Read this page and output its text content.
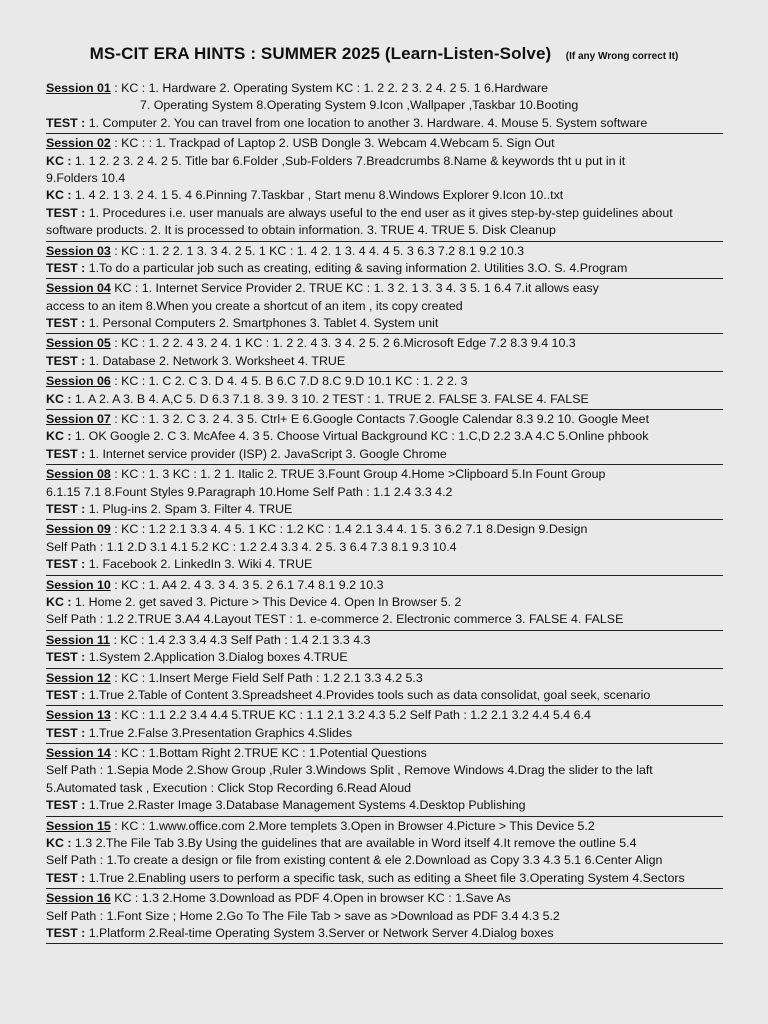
MS-CIT ERA HINTS : SUMMER 2025 (Learn-Listen-Solve) (If any Wrong correct It)
Session 01 : KC : 1. Hardware 2. Operating System KC : 1. 2 2. 2 3. 2 4. 2 5. 1 6.Hardware
7. Operating System 8.Operating System 9.Icon ,Wallpaper ,Taskbar 10.Booting
TEST : 1. Computer 2. You can travel from one location to another 3. Hardware. 4. Mouse 5. System software
Session 02 : KC : : 1. Trackpad of Laptop 2. USB Dongle 3. Webcam 4.Webcam 5. Sign Out
KC : 1. 1 2. 2 3. 2 4. 2 5. Title bar 6.Folder ,Sub-Folders 7.Breadcrumbs 8.Name & keywords tht u put in it
9.Folders 10.4
KC : 1. 4 2. 1 3. 2 4. 1 5. 4 6.Pinning 7.Taskbar , Start menu 8.Windows Explorer 9.Icon 10..txt
TEST : 1. Procedures i.e. user manuals are always useful to the end user as it gives step-by-step guidelines about
software products. 2. It is processed to obtain information. 3. TRUE 4. TRUE 5. Disk Cleanup
Session 03 : KC : 1. 2 2. 1 3. 3 4. 2 5. 1 KC : 1. 4 2. 1 3. 4 4. 4 5. 3 6.3 7.2 8.1 9.2 10.3
TEST : 1.To do a particular job such as creating, editing & saving information 2. Utilities 3.O. S. 4.Program
Session 04 KC : 1. Internet Service Provider 2. TRUE KC : 1. 3 2. 1 3. 3 4. 3 5. 1 6.4 7.it allows easy
access to an item 8.When you create a shortcut of an item , its copy created
TEST : 1. Personal Computers 2. Smartphones 3. Tablet 4. System unit
Session 05 : KC : 1. 2 2. 4 3. 2 4. 1 KC : 1. 2 2. 4 3. 3 4. 2 5. 2 6.Microsoft Edge 7.2 8.3 9.4 10.3
TEST : 1. Database 2. Network 3. Worksheet 4. TRUE
Session 06 : KC : 1. C 2. C 3. D 4. 4 5. B 6.C 7.D 8.C 9.D 10.1 KC : 1. 2 2. 3
KC : 1. A 2. A 3. B 4. A,C 5. D 6.3 7.1 8. 3 9. 3 10. 2 TEST : 1. TRUE 2. FALSE 3. FALSE 4. FALSE
Session 07 : KC : 1. 3 2. C 3. 2 4. 3 5. Ctrl+ E 6.Google Contacts 7.Google Calendar 8.3 9.2 10. Google Meet
KC : 1. OK Google 2. C 3. McAfee 4. 3 5. Choose Virtual Background KC : 1.C,D 2.2 3.A 4.C 5.Online phbook
TEST : 1. Internet service provider (ISP) 2. JavaScript 3. Google Chrome
Session 08 : KC : 1. 3 KC : 1. 2 1. Italic 2. TRUE 3.Fount Group 4.Home >Clipboard 5.In Fount Group
6.1.15 7.1 8.Fount Styles 9.Paragraph 10.Home Self Path : 1.1 2.4 3.3 4.2
TEST : 1. Plug-ins 2. Spam 3. Filter 4. TRUE
Session 09 : KC : 1.2 2.1 3.3 4. 4 5. 1 KC : 1.2 KC : 1.4 2.1 3.4 4. 1 5. 3 6.2 7.1 8.Design 9.Design
Self Path : 1.1 2.D 3.1 4.1 5.2 KC : 1.2 2.4 3.3 4. 2 5. 3 6.4 7.3 8.1 9.3 10.4
TEST : 1. Facebook 2. LinkedIn 3. Wiki 4. TRUE
Session 10 : KC : 1. A4 2. 4 3. 3 4. 3 5. 2 6.1 7.4 8.1 9.2 10.3
KC : 1. Home 2. get saved 3. Picture > This Device 4. Open In Browser 5. 2
Self Path : 1.2 2.TRUE 3.A4 4.Layout TEST : 1. e-commerce 2. Electronic commerce 3. FALSE 4. FALSE
Session 11 : KC : 1.4 2.3 3.4 4.3 Self Path : 1.4 2.1 3.3 4.3
TEST : 1.System 2.Application 3.Dialog boxes 4.TRUE
Session 12 : KC : 1.Insert Merge Field Self Path : 1.2 2.1 3.3 4.2 5.3
TEST : 1.True 2.Table of Content 3.Spreadsheet 4.Provides tools such as data consolidat, goal seek, scenario
Session 13 : KC : 1.1 2.2 3.4 4.4 5.TRUE KC : 1.1 2.1 3.2 4.3 5.2 Self Path : 1.2 2.1 3.2 4.4 5.4 6.4
TEST : 1.True 2.False 3.Presentation Graphics 4.Slides
Session 14 : KC : 1.Bottam Right 2.TRUE KC : 1.Potential Questions
Self Path : 1.Sepia Mode 2.Show Group ,Ruler 3.Windows Split , Remove Windows 4.Drag the slider to the laft
5.Automated task , Execution : Click Stop Recording 6.Read Aloud
TEST : 1.True 2.Raster Image 3.Database Management Systems 4.Desktop Publishing
Session 15 : KC : 1.www.office.com 2.More templets 3.Open in Browser 4.Picture > This Device 5.2
KC : 1.3 2.The File Tab 3.By Using the guidelines that are available in Word itself 4.It remove the outline 5.4
Self Path : 1.To create a design or file from existing content & ele 2.Download as Copy 3.3 4.3 5.1 6.Center Align
TEST : 1.True 2.Enabling users to perform a specific task, such as editing a Sheet file 3.Operating System 4.Sectors
Session 16 KC : 1.3 2.Home 3.Download as PDF 4.Open in browser KC : 1.Save As
Self Path : 1.Font Size ; Home 2.Go To The File Tab > save as >Download as PDF 3.4 4.3 5.2
TEST : 1.Platform 2.Real-time Operating System 3.Server or Network Server 4.Dialog boxes
